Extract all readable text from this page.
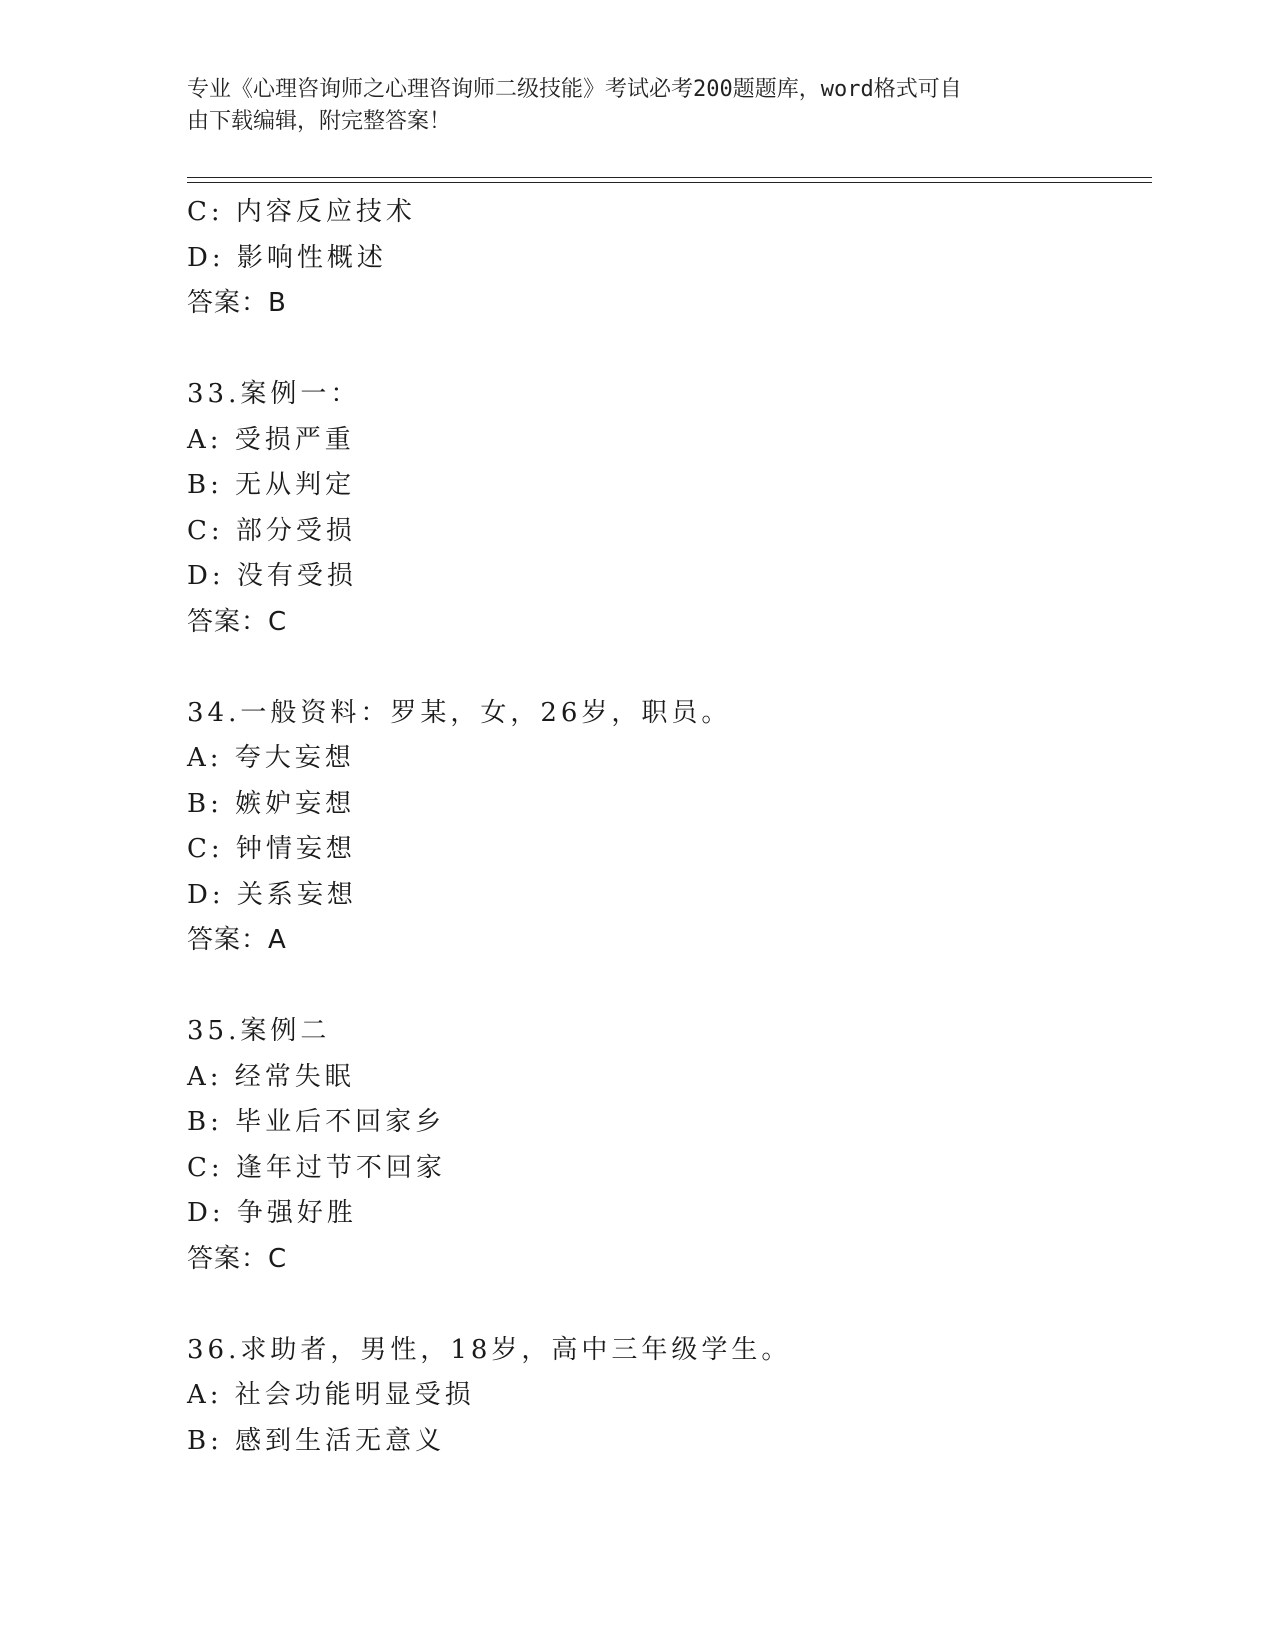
专业《心理咨询师之心理咨询师二级技能》考试必考200题题库，word格式可自
由下载编辑，附完整答案！
C: 内容反应技术
D: 影响性概述
答案：B
33.案例一：
A: 受损严重
B: 无从判定
C: 部分受损
D: 没有受损
答案：C
34.一般资料：罗某，女，26岁，职员。
A: 夸大妄想
B: 嫉妒妄想
C: 钟情妄想
D: 关系妄想
答案：A
35.案例二
A: 经常失眠
B: 毕业后不回家乡
C: 逢年过节不回家
D: 争强好胜
答案：C
36.求助者，男性，18岁，高中三年级学生。
A: 社会功能明显受损
B: 感到生活无意义
